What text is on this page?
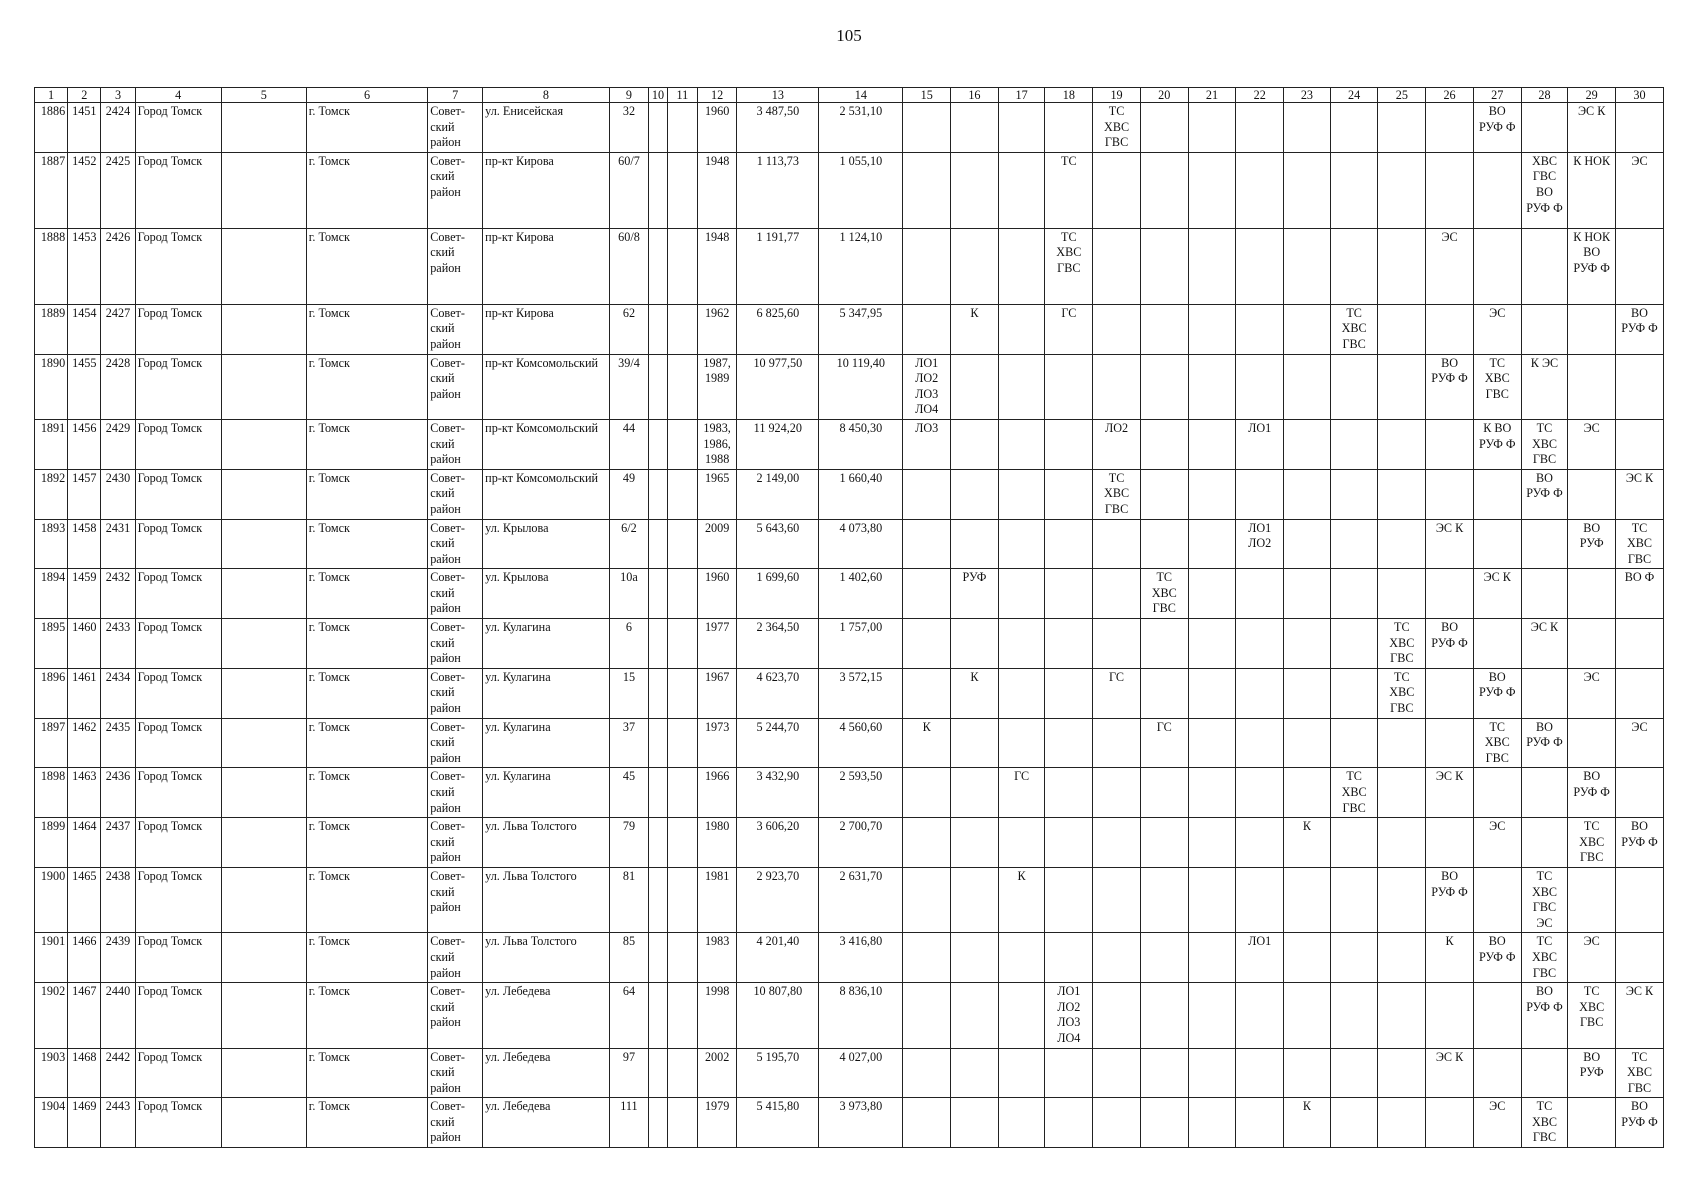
105
1	2	3	4	5	6	7	8	9	10	11	12	13	14	15	16	17	18	19	20	21	22	23	24	25	26	27	28	29	30
1886	1451	2424	Город Томск		г. Томск	Совет-
ский
район	ул. Енисейская	32			1960	3 487,50	2 531,10					ТС
ХВС
ГВС								ВО
РУФ Ф		ЭС К	
1887	1452	2425	Город Томск		г. Томск	Совет-
ский
район	пр-кт Кирова	60/7			1948	1 113,73	1 055,10				ТС										ХВС
ГВС
ВО
РУФ Ф	К НОК	ЭС
1888	1453	2426	Город Томск		г. Томск	Совет-
ский
район	пр-кт Кирова	60/8			1948	1 191,77	1 124,10				ТС
ХВС
ГВС								ЭС			К НОК
ВО
РУФ Ф	
1889	1454	2427	Город Томск		г. Томск	Совет-
ский
район	пр-кт Кирова	62			1962	6 825,60	5 347,95		К		ГС						ТС
ХВС
ГВС			ЭС			ВО
РУФ Ф
1890	1455	2428	Город Томск		г. Томск	Совет-
ский
район	пр-кт Комсомольский	39/4			1987,
1989	10 977,50	10 119,40	ЛО1
ЛО2
ЛО3
ЛО4											ВО
РУФ Ф	ТС
ХВС
ГВС	К ЭС		
1891	1456	2429	Город Томск		г. Томск	Совет-
ский
район	пр-кт Комсомольский	44			1983,
1986,
1988	11 924,20	8 450,30	ЛО3				ЛО2			ЛО1					К ВО
РУФ Ф	ТС
ХВС
ГВС	ЭС	
1892	1457	2430	Город Томск		г. Томск	Совет-
ский
район	пр-кт Комсомольский	49			1965	2 149,00	1 660,40					ТС
ХВС
ГВС									ВО
РУФ Ф		ЭС К
1893	1458	2431	Город Томск		г. Томск	Совет-
ский
район	ул. Крылова	6/2			2009	5 643,60	4 073,80								ЛО1
ЛО2				ЭС К			ВО
РУФ	ТС
ХВС
ГВС
1894	1459	2432	Город Томск		г. Томск	Совет-
ский
район	ул. Крылова	10а			1960	1 699,60	1 402,60		РУФ				ТС
ХВС
ГВС							ЭС К			ВО Ф
1895	1460	2433	Город Томск		г. Томск	Совет-
ский
район	ул. Кулагина	6			1977	2 364,50	1 757,00											ТС
ХВС
ГВС	ВО
РУФ Ф		ЭС К		
1896	1461	2434	Город Томск		г. Томск	Совет-
ский
район	ул. Кулагина	15			1967	4 623,70	3 572,15		К			ГС						ТС
ХВС
ГВС		ВО
РУФ Ф		ЭС	
1897	1462	2435	Город Томск		г. Томск	Совет-
ский
район	ул. Кулагина	37			1973	5 244,70	4 560,60	К					ГС							ТС
ХВС
ГВС	ВО
РУФ Ф		ЭС
1898	1463	2436	Город Томск		г. Томск	Совет-
ский
район	ул. Кулагина	45			1966	3 432,90	2 593,50			ГС							ТС
ХВС
ГВС		ЭС К			ВО
РУФ Ф	
1899	1464	2437	Город Томск		г. Томск	Совет-
ский
район	ул. Льва Толстого	79			1980	3 606,20	2 700,70									К				ЭС		ТС
ХВС
ГВС	ВО
РУФ Ф
1900	1465	2438	Город Томск		г. Томск	Совет-
ский
район	ул. Льва Толстого	81			1981	2 923,70	2 631,70			К									ВО
РУФ Ф		ТС
ХВС
ГВС
ЭС		
1901	1466	2439	Город Томск		г. Томск	Совет-
ский
район	ул. Льва Толстого	85			1983	4 201,40	3 416,80								ЛО1				К	ВО
РУФ Ф	ТС
ХВС
ГВС	ЭС	
1902	1467	2440	Город Томск		г. Томск	Совет-
ский
район	ул. Лебедева	64			1998	10 807,80	8 836,10				ЛО1
ЛО2
ЛО3
ЛО4										ВО
РУФ Ф	ТС
ХВС
ГВС	ЭС К
1903	1468	2442	Город Томск		г. Томск	Совет-
ский
район	ул. Лебедева	97			2002	5 195,70	4 027,00												ЭС К			ВО
РУФ	ТС
ХВС
ГВС
1904	1469	2443	Город Томск		г. Томск	Совет-
ский
район	ул. Лебедева	111			1979	5 415,80	3 973,80									К				ЭС	ТС
ХВС
ГВС		ВО
РУФ Ф
